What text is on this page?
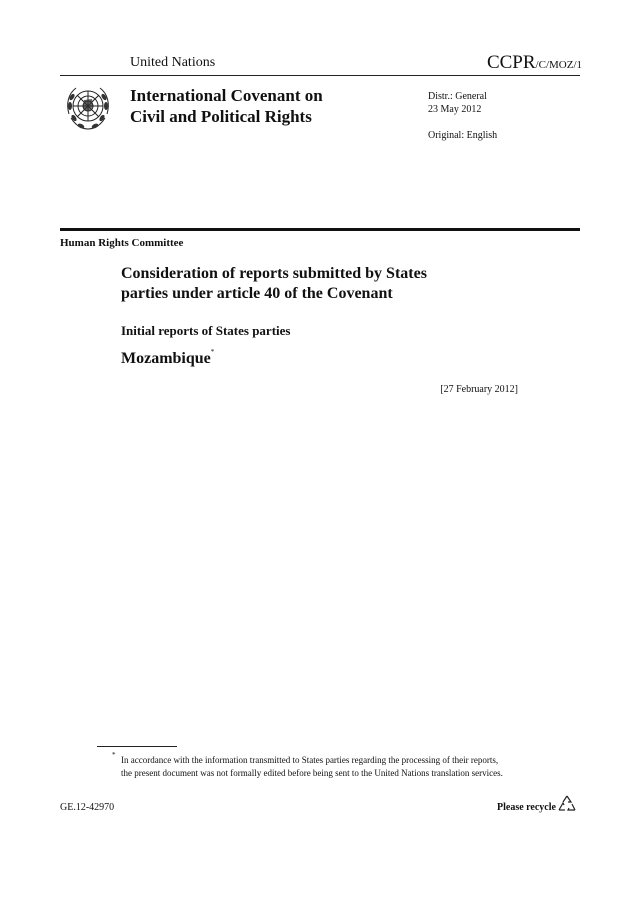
United Nations	CCPR/C/MOZ/1
International Covenant on
Civil and Political Rights
Distr.: General
23 May 2012
Original: English
Human Rights Committee
Consideration of reports submitted by States
parties under article 40 of the Covenant
Initial reports of States parties
Mozambique*
[27 February 2012]
* In accordance with the information transmitted to States parties regarding the processing of their reports, the present document was not formally edited before being sent to the United Nations translation services.
GE.12-42970	Please recycle
